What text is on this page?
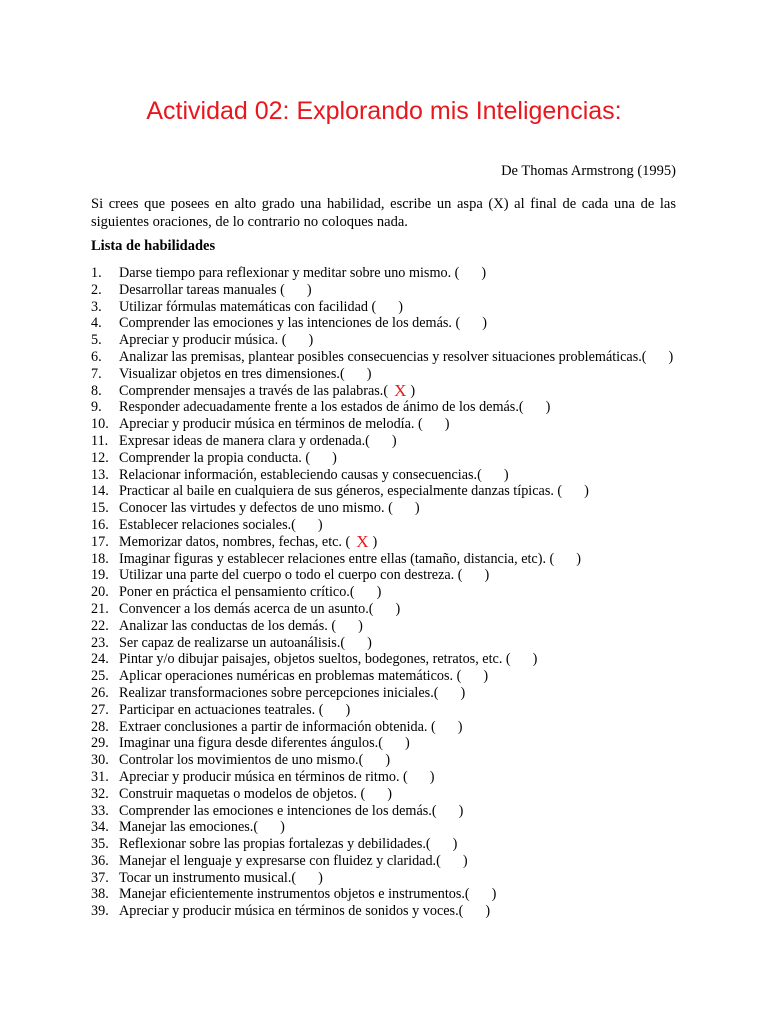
Actividad 02: Explorando mis Inteligencias:
De Thomas Armstrong (1995)

Si crees que posees en alto grado una habilidad, escribe un aspa (X) al final de cada una de las siguientes oraciones, de lo contrario no coloques nada.

Lista de habilidades
1.	Darse tiempo para reflexionar y meditar sobre uno mismo. ( )
2.	Desarrollar tareas manuales ( )
3.	Utilizar fórmulas matemáticas con facilidad ( )
4.	Comprender las emociones y las intenciones de los demás. ( )
5.	Apreciar y producir música. ( )
6.	Analizar las premisas, plantear posibles consecuencias y resolver situaciones problemáticas.( )
7.	Visualizar objetos en tres dimensiones.( )
8.	Comprender mensajes a través de las palabras.( X )
9.	Responder adecuadamente frente a los estados de ánimo de los demás.( )
10. Apreciar y producir música en términos de melodía. ( )
11. Expresar ideas de manera clara y ordenada.( )
12. Comprender la propia conducta. ( )
13. Relacionar información, estableciendo causas y consecuencias.( )
14. Practicar al baile en cualquiera de sus géneros, especialmente danzas típicas. ( )
15. Conocer las virtudes y defectos de uno mismo. ( )
16. Establecer relaciones sociales.( )
17. Memorizar datos, nombres, fechas, etc. ( X )
18. Imaginar figuras y establecer relaciones entre ellas (tamaño, distancia, etc). ( )
19. Utilizar una parte del cuerpo o todo el cuerpo con destreza. ( )
20. Poner en práctica el pensamiento crítico.( )
21. Convencer a los demás acerca de un asunto.( )
22. Analizar las conductas de los demás. ( )
23. Ser capaz de realizarse un autoanálisis.( )
24. Pintar y/o dibujar paisajes, objetos sueltos, bodegones, retratos, etc. ( )
25. Aplicar operaciones numéricas en problemas matemáticos. ( )
26. Realizar transformaciones sobre percepciones iniciales.( )
27. Participar en actuaciones teatrales. ( )
28. Extraer conclusiones a partir de información obtenida. ( )
29. Imaginar una figura desde diferentes ángulos.( )
30. Controlar los movimientos de uno mismo.( )
31. Apreciar y producir música en términos de ritmo. ( )
32. Construir maquetas o modelos de objetos. ( )
33. Comprender las emociones e intenciones de los demás.( )
34. Manejar las emociones.( )
35. Reflexionar sobre las propias fortalezas y debilidades.( )
36. Manejar el lenguaje y expresarse con fluidez y claridad.( )
37. Tocar un instrumento musical.( )
38. Manejar eficientemente instrumentos objetos e instrumentos.( )
39. Apreciar y producir música en términos de sonidos y voces.( )
